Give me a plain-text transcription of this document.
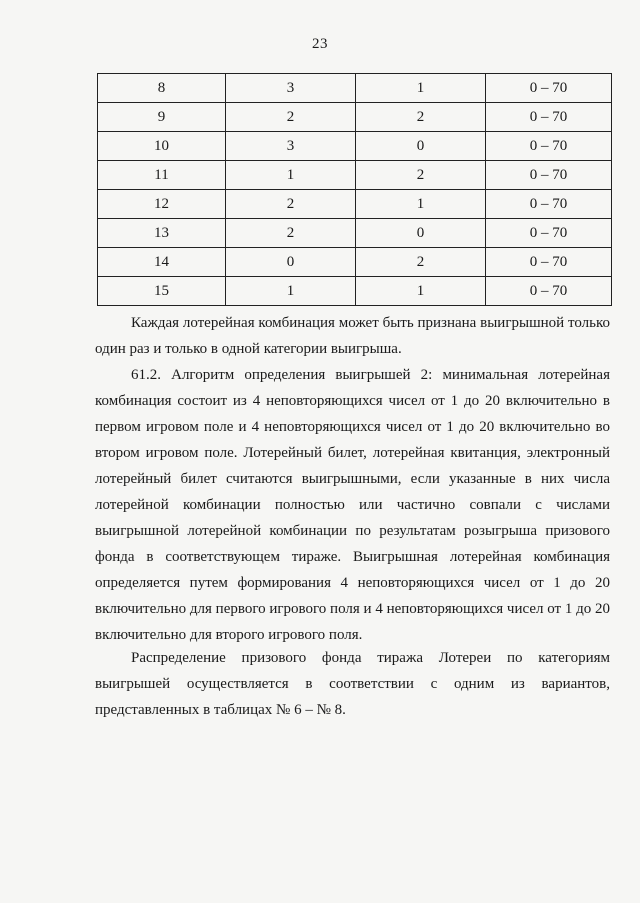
23
8	3	1	0 – 70
9	2	2	0 – 70
10	3	0	0 – 70
11	1	2	0 – 70
12	2	1	0 – 70
13	2	0	0 – 70
14	0	2	0 – 70
15	1	1	0 – 70

Каждая лотерейная комбинация может быть признана выигрышной только один раз и только в одной категории выигрыша.

61.2. Алгоритм определения выигрышей 2: минимальная лотерейная комбинация состоит из 4 неповторяющихся чисел от 1 до 20 включительно в первом игровом поле и 4 неповторяющихся чисел от 1 до 20 включительно во втором игровом поле. Лотерейный билет, лотерейная квитанция, электронный лотерейный билет считаются выигрышными, если указанные в них числа лотерейной комбинации полностью или частично совпали с числами выигрышной лотерейной комбинации по результатам розыгрыша призового фонда в соответствующем тираже. Выигрышная лотерейная комбинация определяется путем формирования 4 неповторяющихся чисел от 1 до 20 включительно для первого игрового поля и 4 неповторяющихся чисел от 1 до 20 включительно для второго игрового поля.

Распределение призового фонда тиража Лотереи по категориям выигрышей осуществляется в соответствии с одним из вариантов, представленных в таблицах № 6 – № 8.
